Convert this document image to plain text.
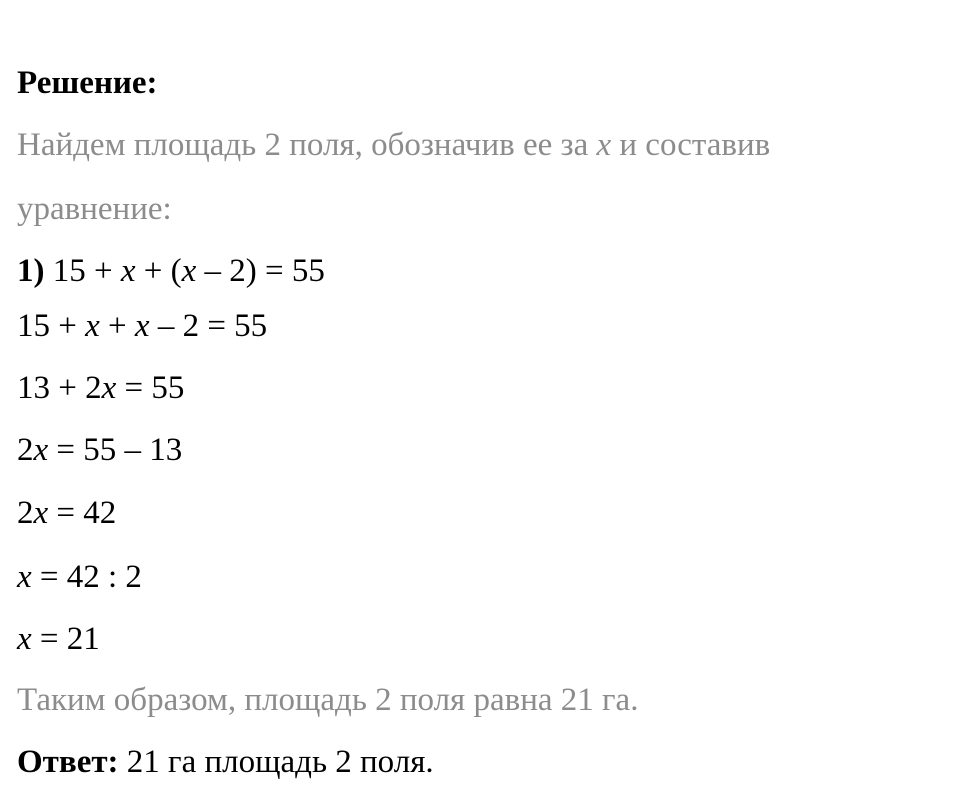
Решение:
Найдем площадь 2 поля, обозначив ее за x и составив
уравнение:
1) 15 + x + (x – 2) = 55
15 + x + x – 2 = 55
13 + 2x = 55
2x = 55 – 13
2x = 42
x = 42 : 2
x = 21
Таким образом, площадь 2 поля равна 21 га.
Ответ: 21 га площадь 2 поля.
